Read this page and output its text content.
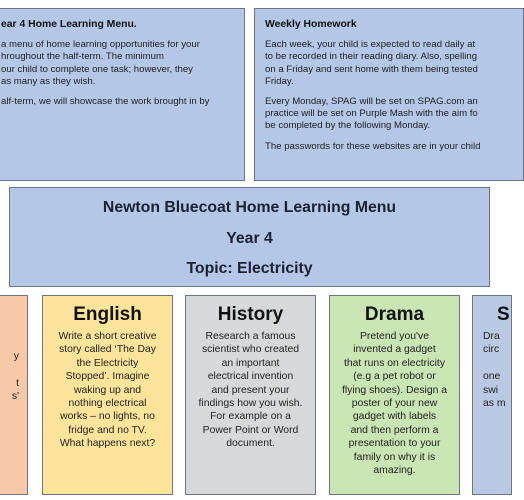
ear 4 Home Learning Menu.

a menu of home learning opportunities for your
hroughout the half-term. The minimum
our child to complete one task; however, they
as many as they wish.

alf-term, we will showcase the work brought in by

Weekly Homework

Each week, your child is expected to read daily at
to be recorded in their reading diary. Also, spelling
on a Friday and sent home with them being tested
Friday.

Every Monday, SPAG will be set on SPAG.com an
practice will be set on Purple Mash with the aim fo
be completed by the following Monday.

The passwords for these websites are in your child

Newton Bluecoat Home Learning Menu
Year 4
Topic: Electricity

y

t
s'

English

Write a short creative
story called ‘The Day
the Electricity
Stopped’. Imagine
waking up and
nothing electrical
works – no lights, no
fridge and no TV.
What happens next?

History

Research a famous
scientist who created
an important
electrical invention
and present your
findings how you wish.
For example on a
Power Point or Word
document.

Drama

Pretend you've
invented a gadget
that runs on electricity
(e.g a pet robot or
flying shoes). Design a
poster of your new
gadget with labels
and then perform a
presentation to your
family on why it is
amazing.

S

Dra
circ

one
swi
as m
